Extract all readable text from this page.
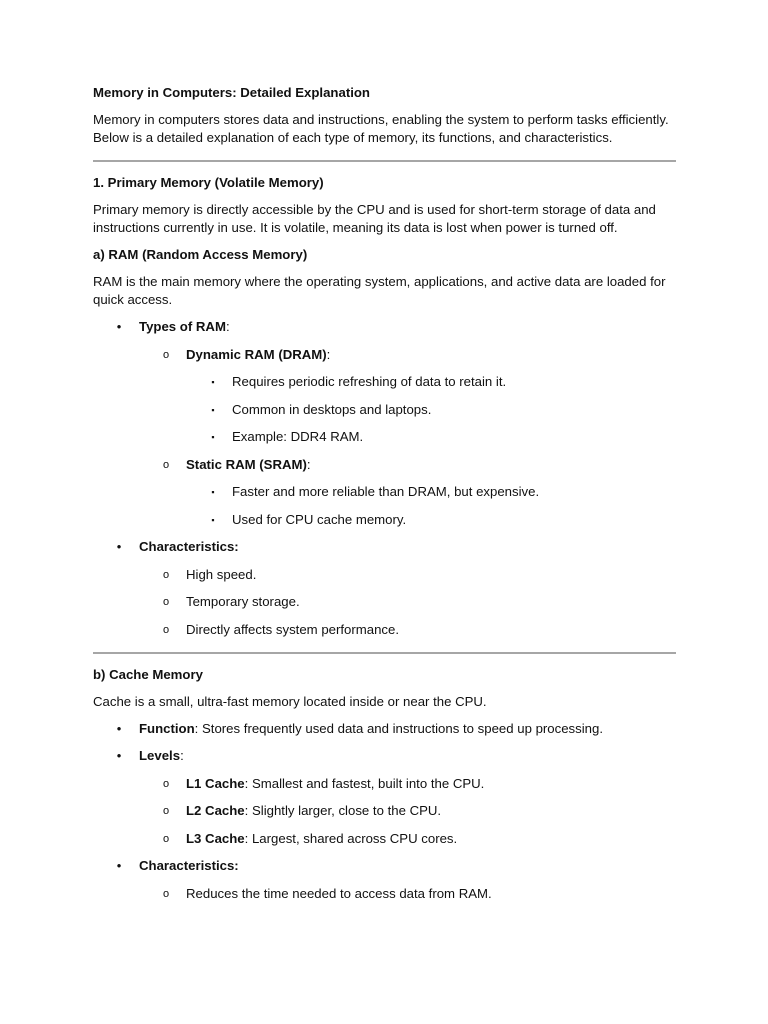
Memory in Computers: Detailed Explanation
Memory in computers stores data and instructions, enabling the system to perform tasks efficiently. Below is a detailed explanation of each type of memory, its functions, and characteristics.
1. Primary Memory (Volatile Memory)
Primary memory is directly accessible by the CPU and is used for short-term storage of data and instructions currently in use. It is volatile, meaning its data is lost when power is turned off.
a) RAM (Random Access Memory)
RAM is the main memory where the operating system, applications, and active data are loaded for quick access.
• Types of RAM:
o Dynamic RAM (DRAM):
▪	Requires periodic refreshing of data to retain it.
▪	Common in desktops and laptops.
▪	Example: DDR4 RAM.
o Static RAM (SRAM):
▪	Faster and more reliable than DRAM, but expensive.
▪	Used for CPU cache memory.
• Characteristics:
o High speed.
o Temporary storage.
o Directly affects system performance.
b) Cache Memory
Cache is a small, ultra-fast memory located inside or near the CPU.
• Function: Stores frequently used data and instructions to speed up processing.
• Levels:
o L1 Cache: Smallest and fastest, built into the CPU.
o L2 Cache: Slightly larger, close to the CPU.
o L3 Cache: Largest, shared across CPU cores.
• Characteristics:
o Reduces the time needed to access data from RAM.
